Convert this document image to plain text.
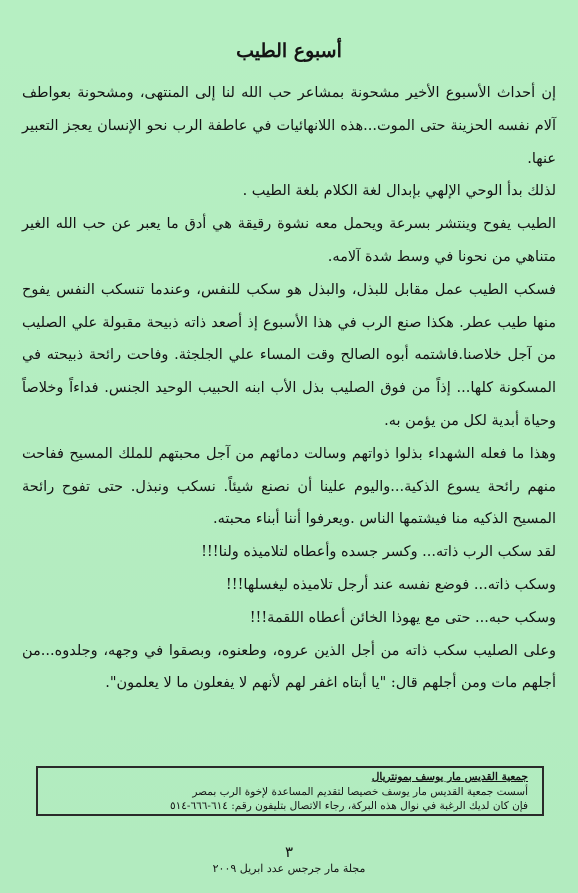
أسبوع الطيب

إن أحداث الأسبوع الأخير مشحونة بمشاعر حب الله لنا إلى المنتهى، ومشحونة بعواطف آلام نفسه الحزينة حتى الموت...هذه اللانهائيات في عاطفة الرب نحو الإنسان يعجز التعبير عنها.

لذلك بدأ الوحي الإلهي بإبدال لغة الكلام بلغة الطيب .

الطيب يفوح وينتشر بسرعة ويحمل معه نشوة رقيقة هي أدق ما يعبر عن حب الله الغير متناهي من نحونا في وسط شدة آلامه.

فسكب الطيب عمل مقابل للبذل، والبذل هو سكب للنفس، وعندما تنسكب النفس يفوح منها طيب عطر. هكذا صنع الرب في هذا الأسبوع إذ أصعد ذاته ذبيحة مقبولة علي الصليب من آجل خلاصنا.فاشتمه أبوه الصالح وقت المساء علي الجلجثة. وفاحت رائحة ذبيحته في المسكونة كلها... إذاً من فوق الصليب بذل الأب ابنه الحبيب الوحيد الجنس. فداءاً وخلاصاً وحياة أبدية لكل من يؤمن به.

وهذا ما فعله الشهداء بذلوا ذواتهم وسالت دمائهم من آجل محبتهم للملك المسيح ففاحت منهم رائحة يسوع الذكية...واليوم علينا أن نصنع شيئاً. نسكب ونبذل. حتى تفوح رائحة المسيح الذكيه منا فيشتمها الناس .ويعرفوا أننا أبناء محبته.

لقد سكب الرب ذاته... وكسر جسده وأعطاه لتلاميذه ولنا!!!

وسكب ذاته... فوضع نفسه عند أرجل تلاميذه ليغسلها!!!

وسكب حبه... حتى مع يهوذا الخائن أعطاه اللقمة!!!

وعلى الصليب سكب ذاته من أجل الذين عروه، وطعنوه، وبصقوا في وجهه، وجلدوه...من أجلهم مات ومن أجلهم قال: "يا أبتاه اغفر لهم لأنهم لا يفعلون ما لا يعلمون".

جمعية القديس مار يوسف بمونتريال
أسست جمعية القديس مار يوسف خصيصا لتقديم المساعدة لإخوة الرب بمصر
فإن كان لديك الرغبة في نوال هذه البركة، رجاء الاتصال بتليفون رقم: ٦١٤-٦٦٦-٥١٤
٣
مجلة مار جرجس عدد ابريل ٢٠٠٩
